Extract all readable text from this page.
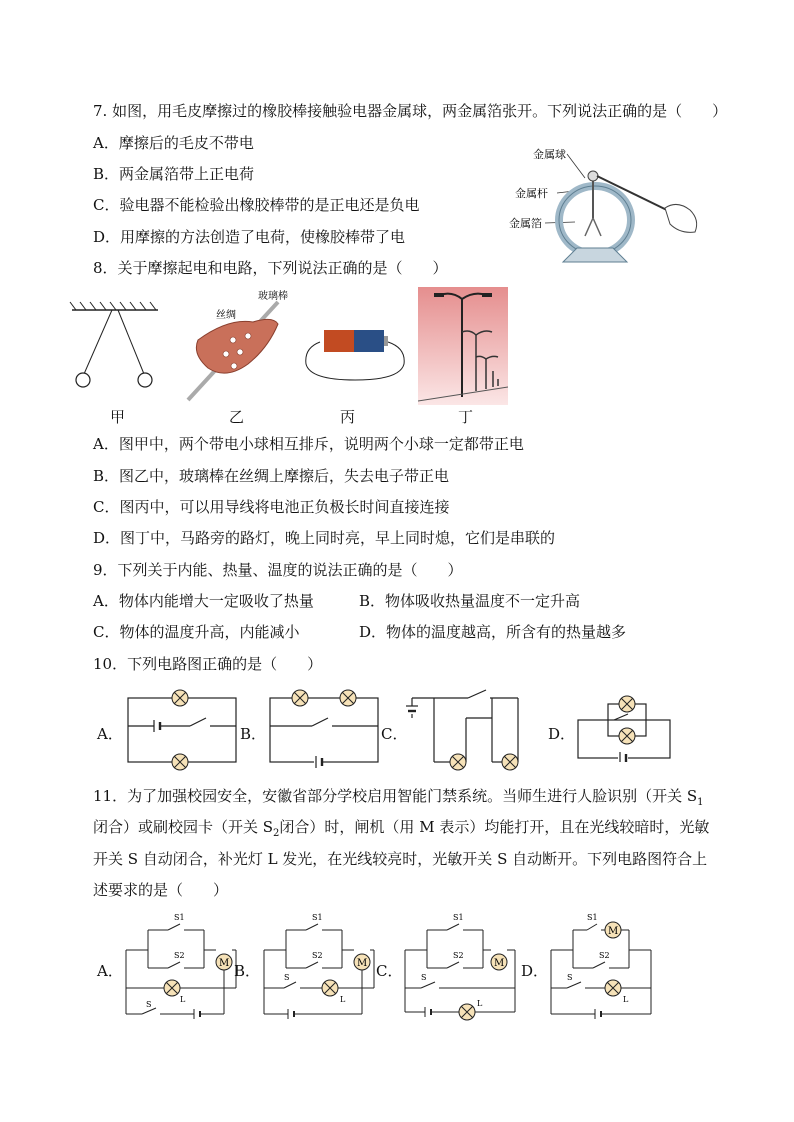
7. 如图，用毛皮摩擦过的橡胶棒接触验电器金属球，两金属箔张开。下列说法正确的是（　　）
A．摩擦后的毛皮不带电
B．两金属箔带上正电荷
C．验电器不能检验出橡胶棒带的是正电还是负电
D．用摩擦的方法创造了电荷，使橡胶棒带了电
金属球
金属杆
金属箔
8．关于摩擦起电和电路，下列说法正确的是（　　）
甲
丝绸
玻璃棒
乙	丙	丁
A．图甲中，两个带电小球相互排斥，说明两个小球一定都带正电
B．图乙中，玻璃棒在丝绸上摩擦后，失去电子带正电
C．图丙中，可以用导线将电池正负极长时间直接连接
D．图丁中，马路旁的路灯，晚上同时亮，早上同时熄，它们是串联的
9．下列关于内能、热量、温度的说法正确的是（　　）
A．物体内能增大一定吸收了热量	B．物体吸收热量温度不一定升高
C．物体的温度升高，内能减小	D．物体的温度越高，所含有的热量越多
10．下列电路图正确的是（　　）
A．	B．	C．	D．
11．为了加强校园安全，安徽省部分学校启用智能门禁系统。当师生进行人脸识别（开关 $S_1$
闭合）或刷校园卡（开关 $S_2$闭合）时，闸机（用 M 表示）均能打开，且在光线较暗时，光敏
开关 S 自动闭合，补光灯 L 发光，在光线较亮时，光敏开关 S 自动断开。下列电路图符合上
述要求的是（　　）
A．
S1
S2
S
M
L
B．
S1
S2
S
M
L
C．
S1
S2
S
M
L
D．
S1
S2
S
M
L
